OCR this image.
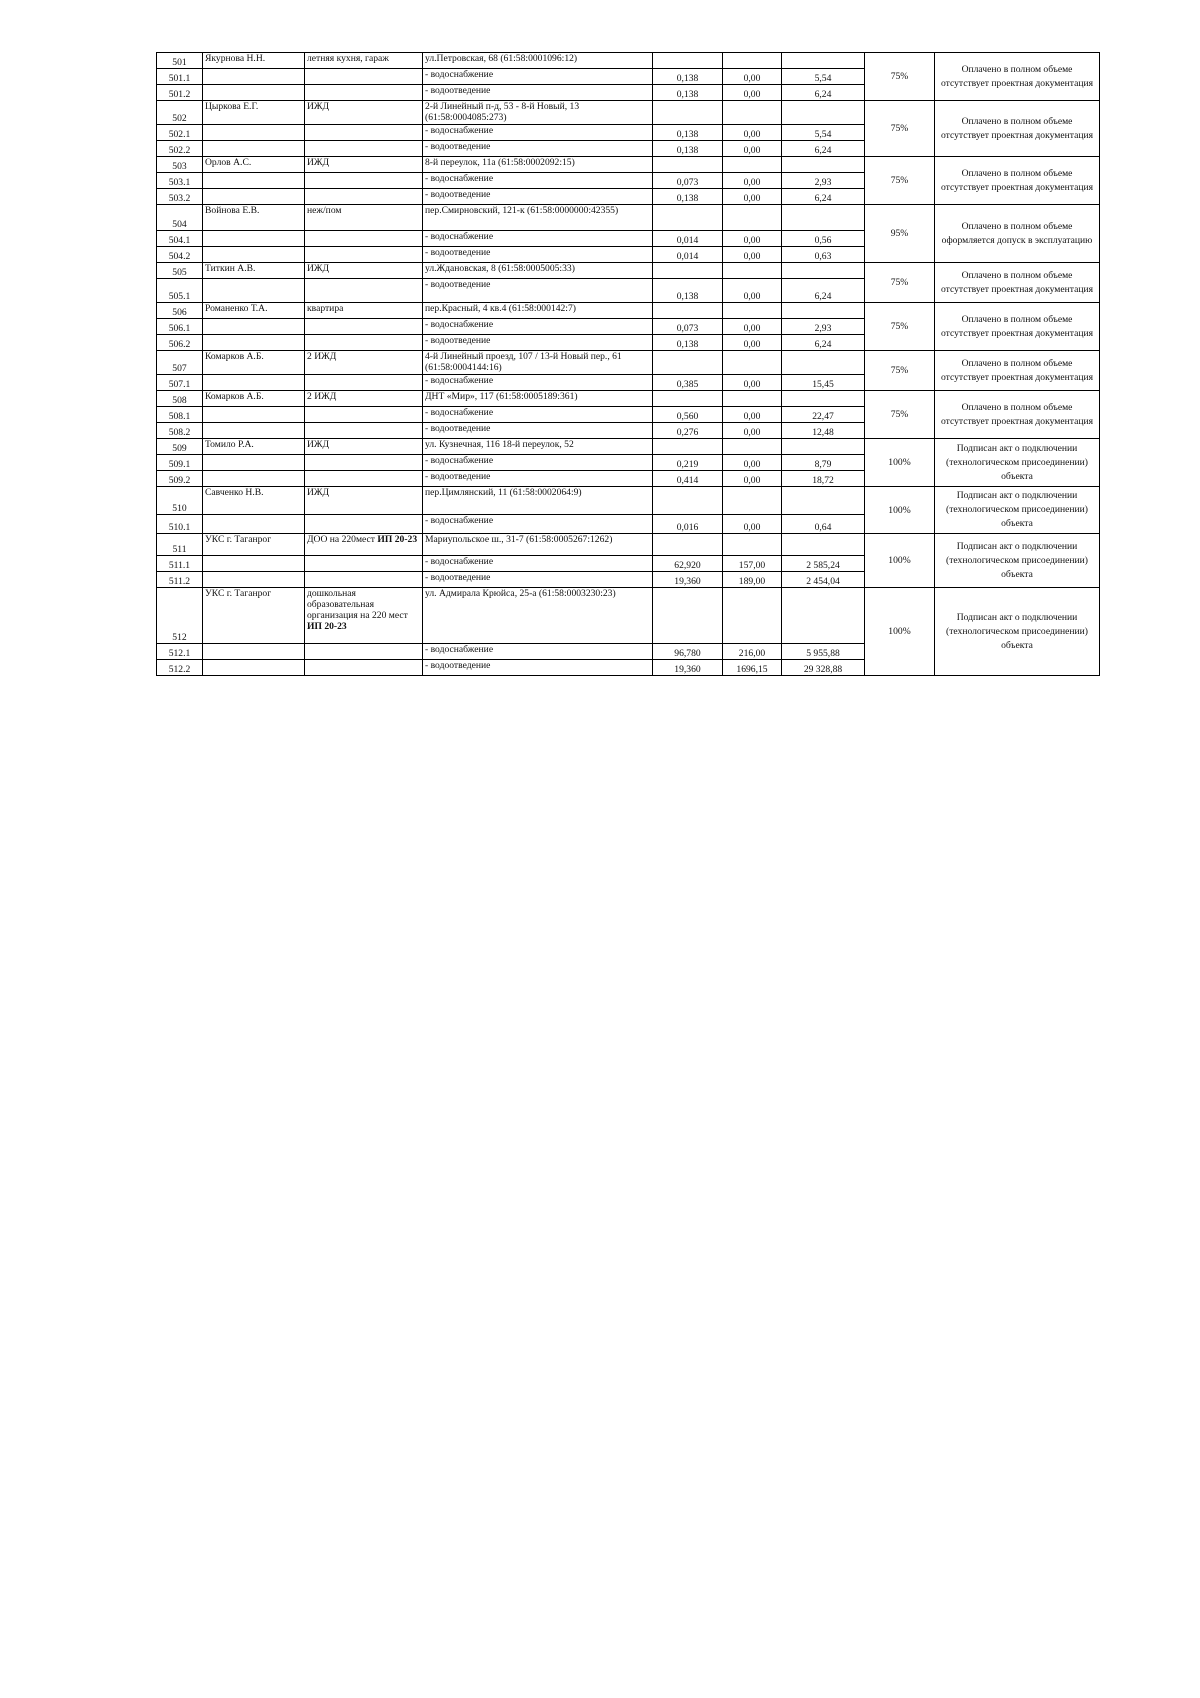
501	Якурнова Н.Н.	летняя кухня, гараж	ул.Петровская, 68 (61:58:0001096:12)				75%	Оплачено в полном объеме отсутствует проектная документация
501.1			- водоснабжение	0,138	0,00	5,54		
501.2			- водоотведение	0,138	0,00	6,24		
502	Цыркова Е.Г.	ИЖД	2-й Линейный п-д, 53 - 8-й Новый, 13 (61:58:0004085:273)				75%	Оплачено в полном объеме отсутствует проектная документация
502.1			- водоснабжение	0,138	0,00	5,54		
502.2			- водоотведение	0,138	0,00	6,24		
503	Орлов А.С.	ИЖД	8-й переулок, 11а (61:58:0002092:15)				75%	Оплачено в полном объеме отсутствует проектная документация
503.1			- водоснабжение	0,073	0,00	2,93		
503.2			- водоотведение	0,138	0,00	6,24		
504	Войнова Е.В.	неж/пом	пер.Смирновский, 121-к (61:58:0000000:42355)				95%	Оплачено в полном объеме оформляется допуск в эксплуатацию
504.1			- водоснабжение	0,014	0,00	0,56		
504.2			- водоотведение	0,014	0,00	0,63		
505	Титкин А.В.	ИЖД	ул.Ждановская, 8 (61:58:0005005:33)				75%	Оплачено в полном объеме отсутствует проектная документация
505.1			- водоотведение	0,138	0,00	6,24		
506	Романенко Т.А.	квартира	пер.Красный, 4 кв.4 (61:58:000142:7)				75%	Оплачено в полном объеме отсутствует проектная документация
506.1			- водоснабжение	0,073	0,00	2,93		
506.2			- водоотведение	0,138	0,00	6,24		
507	Комарков А.Б.	2 ИЖД	4-й Линейный проезд, 107 / 13-й Новый пер., 61 (61:58:0004144:16)				75%	Оплачено в полном объеме отсутствует проектная документация
507.1			- водоснабжение	0,385	0,00	15,45		
508	Комарков А.Б.	2 ИЖД	ДНТ «Мир», 117 (61:58:0005189:361)				75%	Оплачено в полном объеме отсутствует проектная документация
508.1			- водоснабжение	0,560	0,00	22,47		
508.2			- водоотведение	0,276	0,00	12,48		
509	Томило Р.А.	ИЖД	ул. Кузнечная, 116 18-й переулок, 52				100%	Подписан акт о подключении (технологическом присоединении) объекта
509.1			- водоснабжение	0,219	0,00	8,79		
509.2			- водоотведение	0,414	0,00	18,72		
510	Савченко Н.В.	ИЖД	пер.Цимлянский, 11 (61:58:0002064:9)				100%	Подписан акт о подключении (технологическом присоединении) объекта
510.1			- водоснабжение	0,016	0,00	0,64		
511	УКС г. Таганрог	ДОО на 220мест ИП 20-23	Мариупольское ш., 31-7 (61:58:0005267:1262)				100%	Подписан акт о подключении (технологическом присоединении) объекта
511.1			- водоснабжение	62,920	157,00	2 585,24		
511.2			- водоотведение	19,360	189,00	2 454,04		
512	УКС г. Таганрог	дошкольная образовательная организация на 220 мест ИП 20-23	ул. Адмирала Крюйса, 25-а (61:58:0003230:23)				100%	Подписан акт о подключении (технологическом присоединении) объекта
512.1			- водоснабжение	96,780	216,00	5 955,88		
512.2			- водоотведение	19,360	1696,15	29 328,88		
